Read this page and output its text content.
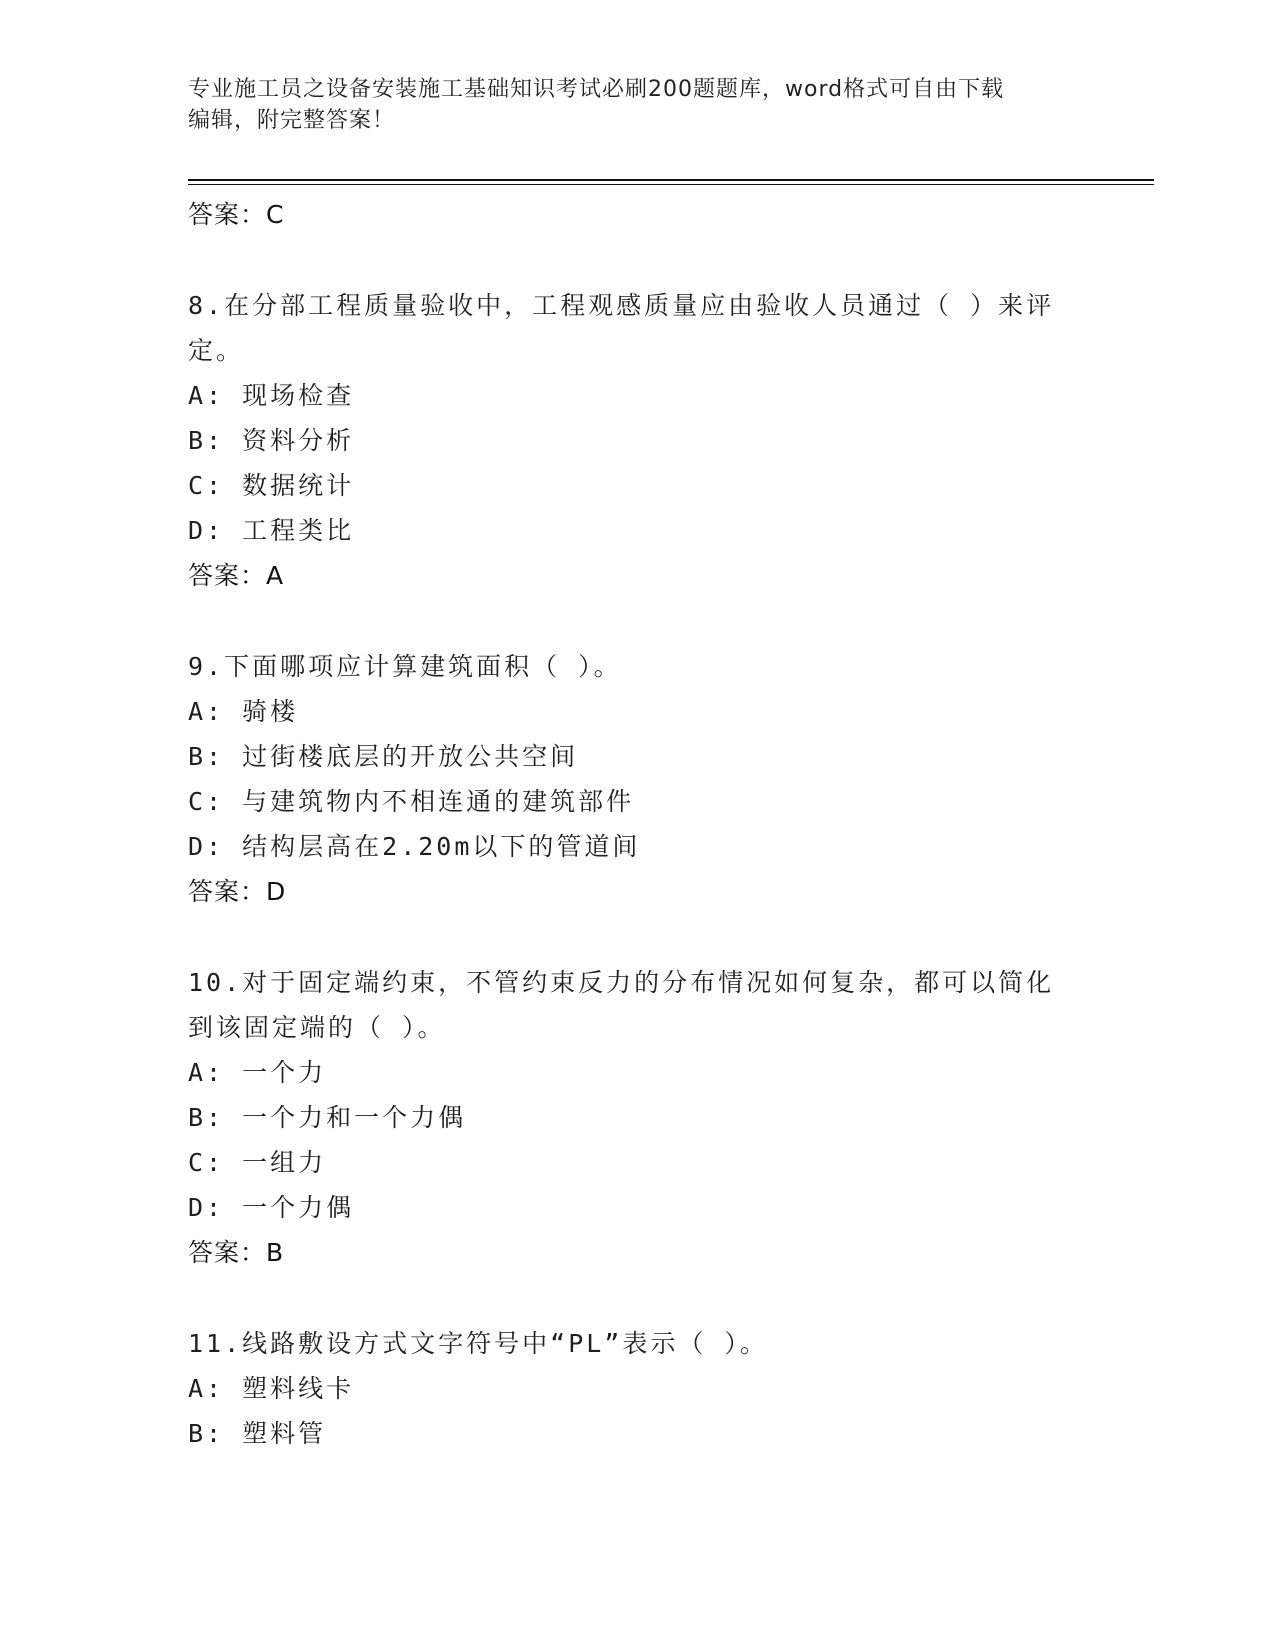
专业施工员之设备安装施工基础知识考试必刷200题题库，word格式可自由下载
编辑，附完整答案！
答案：C
8.在分部工程质量验收中，工程观感质量应由验收人员通过（ ）来评
定。
A: 现场检查
B: 资料分析
C: 数据统计
D: 工程类比
答案：A
9.下面哪项应计算建筑面积（ ）。
A: 骑楼
B: 过街楼底层的开放公共空间
C: 与建筑物内不相连通的建筑部件
D: 结构层高在2.20m以下的管道间
答案：D
10.对于固定端约束，不管约束反力的分布情况如何复杂，都可以简化
到该固定端的（ ）。
A: 一个力
B: 一个力和一个力偶
C: 一组力
D: 一个力偶
答案：B
11.线路敷设方式文字符号中“PL”表示（ ）。
A: 塑料线卡
B: 塑料管
